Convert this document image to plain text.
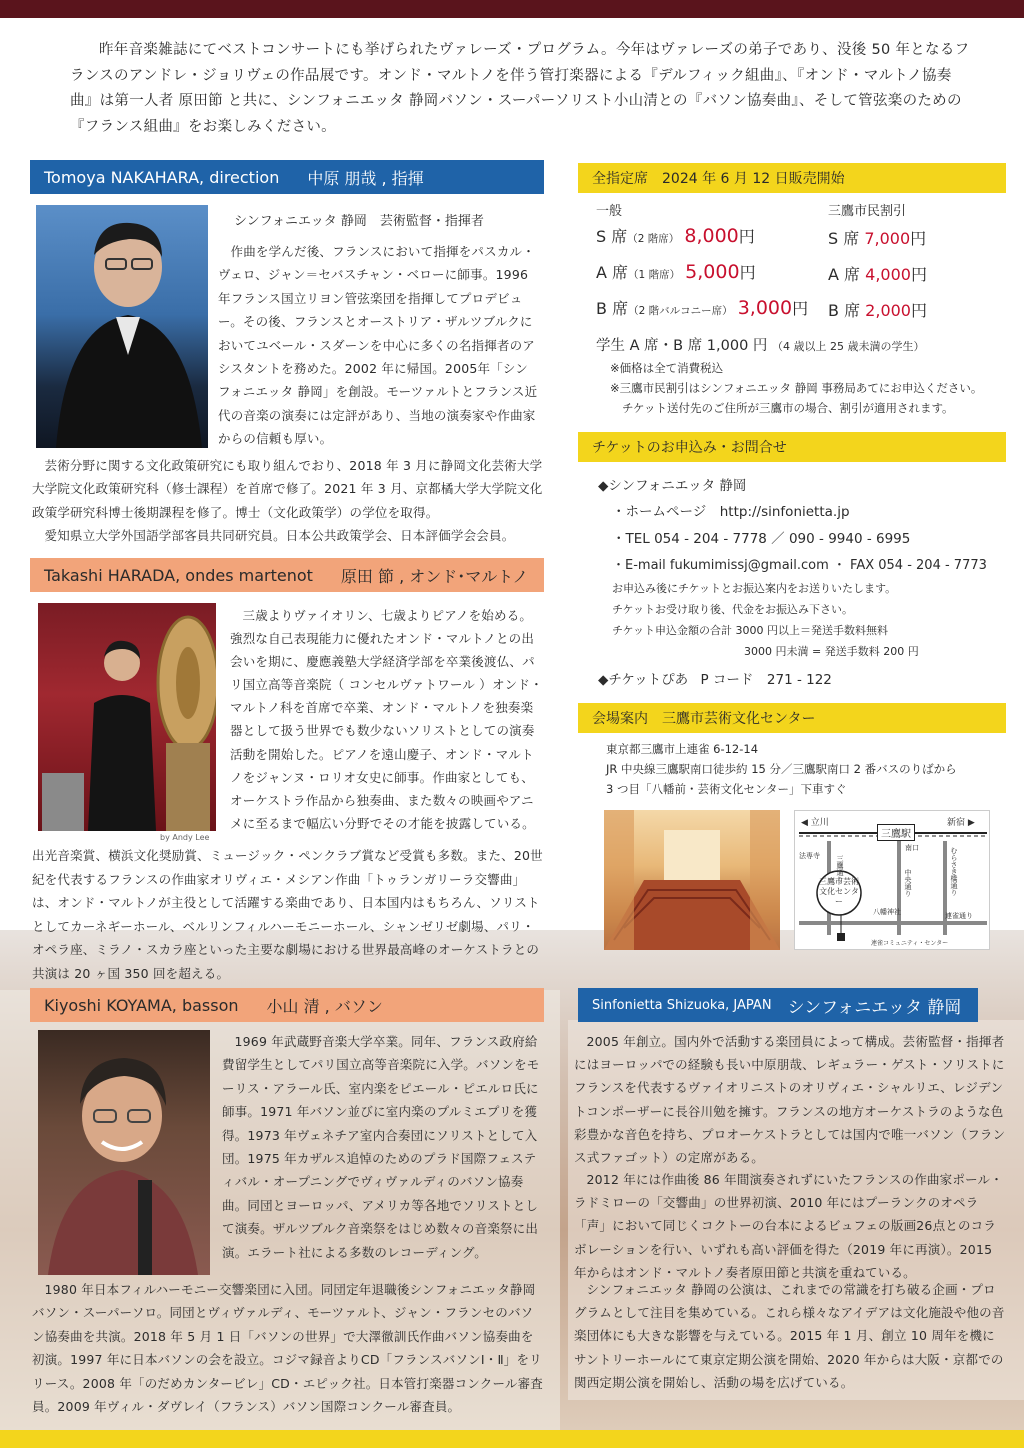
昨年音楽雑誌にてベストコンサートにも挙げられたヴァレーズ・プログラム。今年はヴァレーズの弟子であり、没後 50 年となるフランスのアンドレ・ジョリヴェの作品展です。オンド・マルトノを伴う管打楽器による『デルフィック組曲』、『オンド・マルトノ協奏曲』は第一人者 原田節 と共に、シンフォニエッタ 静岡バソン・スーパーソリスト小山清との『バソン協奏曲』、そして管弦楽のための『フランス組曲』をお楽しみください。

Tomoya NAKAHARA, direction 中原 朋哉 , 指揮
シンフォニエッタ 静岡　芸術監督・指揮者

作曲を学んだ後、フランスにおいて指揮をパスカル・ヴェロ、ジャン＝セバスチャン・ベローに師事。1996年フランス国立リヨン管弦楽団を指揮してプロデビュー。その後、フランスとオーストリア・ザルツブルクにおいてユベール・スダーンを中心に多くの名指揮者のアシスタントを務めた。2002 年に帰国。2005年「シンフォニエッタ 静岡」を創設。モーツァルトとフランス近代の音楽の演奏には定評があり、当地の演奏家や作曲家からの信頼も厚い。

芸術分野に関する文化政策研究にも取り組んでおり、2018 年 3 月に静岡文化芸術大学大学院文化政策研究科（修士課程）を首席で修了。2021 年 3 月、京都橘大学大学院文化政策学研究科博士後期課程を修了。博士（文化政策学）の学位を取得。

愛知県立大学外国語学部客員共同研究員。日本公共政策学会、日本評価学会会員。

Takashi HARADA, ondes martenot 原田 節 , オンド･マルトノ
by Andy Lee

三歳よりヴァイオリン、七歳よりピアノを始める。強烈な自己表現能力に優れたオンド・マルトノとの出会いを期に、慶應義塾大学経済学部を卒業後渡仏、パリ国立高等音楽院（ コンセルヴァトワール ）オンド・マルトノ科を首席で卒業、オンド・マルトノを独奏楽器として扱う世界でも数少ないソリストとしての演奏活動を開始した。ピアノを遠山慶子、オンド・マルトノをジャンヌ・ロリオ女史に師事。作曲家としても、オーケストラ作品から独奏曲、また数々の映画やアニメに至るまで幅広い分野でその才能を披露している。

出光音楽賞、横浜文化奨励賞、ミュージック・ペンクラブ賞など受賞も多数。また、20世紀を代表するフランスの作曲家オリヴィエ・メシアン作曲「トゥランガリーラ交響曲」は、オンド・マルトノが主役として活躍する楽曲であり、日本国内はもちろん、ソリストとしてカーネギーホール、ベルリンフィルハーモニーホール、シャンゼリゼ劇場、パリ・オペラ座、ミラノ・スカラ座といった主要な劇場における世界最高峰のオーケストラとの共演は 20 ヶ国 350 回を超える。

Kiyoshi KOYAMA, basson 小山 清 , バソン

1969 年武蔵野音楽大学卒業。同年、フランス政府給費留学生としてパリ国立高等音楽院に入学。バソンをモーリス・アラール氏、室内楽をピエール・ピエルロ氏に師事。1971 年バソン並びに室内楽のプルミエプリを獲得。1973 年ヴェネチア室内合奏団にソリストとして入団。1975 年カザルス追悼のためのプラド国際フェスティバル・オープニングでヴィヴァルディのバソン協奏曲。同団とヨーロッパ、アメリカ等各地でソリストとして演奏。ザルツブルク音楽祭をはじめ数々の音楽祭に出演。エラート社による多数のレコーディング。

1980 年日本フィルハーモニー交響楽団に入団。同団定年退職後シンフォニエッタ静岡バソン・スーパーソロ。同団とヴィヴァルディ、モーツァルト、ジャン・フランセのバソン協奏曲を共演。2018 年 5 月 1 日「バソンの世界」で大澤徹訓氏作曲バソン協奏曲を初演。1997 年に日本バソンの会を設立。コジマ録音よりCD「フランスバソンⅠ・Ⅱ」をリリース。2008 年「のだめカンタービレ」CD・エピック社。日本管打楽器コンクール審査員。2009 年ヴィル・ダヴレイ（フランス）バソン国際コンクール審査員。

全指定席　2024 年 6 月 12 日販売開始
一般	三鷹市民割引
S 席（2 階席） 8,000円	S 席 7,000円
A 席（1 階席） 5,000円	A 席 4,000円
B 席（2 階バルコニー席） 3,000円 B 席 2,000円
学生 A 席・B 席 1,000 円 （4 歳以上 25 歳未満の学生）
※価格は全て消費税込
※三鷹市民割引はシンフォニエッタ 静岡 事務局あてにお申込ください。
チケット送付先のご住所が三鷹市の場合、割引が適用されます。
チケットのお申込み・お問合せ
◆シンフォニエッタ 静岡
・ホームページ　http://sinfonietta.jp
・TEL 054 - 204 - 7778 ／ 090 - 9940 - 6995
・E-mail fukumimissj@gmail.com ・ FAX 054 - 204 - 7773
お申込み後にチケットとお振込案内をお送りいたします。
チケットお受け取り後、代金をお振込み下さい。
チケット申込金額の合計 3000 円以上＝発送手数料無料
3000 円未満 = 発送手数料 200 円
◆チケットぴあ P コード　271 - 122
会場案内　三鷹市芸術文化センター
東京都三鷹市上連雀 6-12-14
JR 中央線三鷹駅南口徒歩約 15 分／三鷹駅南口 2 番バスのりばから
3 つ目「八幡前・芸術文化センター」下車すぐ
◀ 立川	新宿 ▶
三鷹駅
南口
三鷹通り
法専寺
中央通り	むらさき橋通り
三鷹市芸術文化センター
八幡神社	連雀通り
連雀コミュニティ・センター
Sinfonietta Shizuoka, JAPAN シンフォニエッタ 静岡

2005 年創立。国内外で活動する楽団員によって構成。芸術監督・指揮者にはヨーロッパでの経験も長い中原朋哉、レギュラー・ゲスト・ソリストにフランスを代表するヴァイオリニストのオリヴィエ・シャルリエ、レジデントコンポーザーに長谷川勉を擁す。フランスの地方オーケストラのような色彩豊かな音色を持ち、プロオーケストラとしては国内で唯一バソン（フランス式ファゴット）の定席がある。

2012 年には作曲後 86 年間演奏されずにいたフランスの作曲家ポール・ラドミローの「交響曲」の世界初演、2010 年にはプーランクのオペラ「声」において同じくコクトーの台本によるビュフェの版画26点とのコラボレーションを行い、いずれも高い評価を得た（2019 年に再演）。2015 年からはオンド・マルトノ奏者原田節と共演を重ねている。

シンフォニエッタ 静岡の公演は、これまでの常識を打ち破る企画・プログラムとして注目を集めている。これら様々なアイデアは文化施設や他の音楽団体にも大きな影響を与えている。2015 年 1 月、創立 10 周年を機にサントリーホールにて東京定期公演を開始、2020 年からは大阪・京都での関西定期公演を開始し、活動の場を広げている。
